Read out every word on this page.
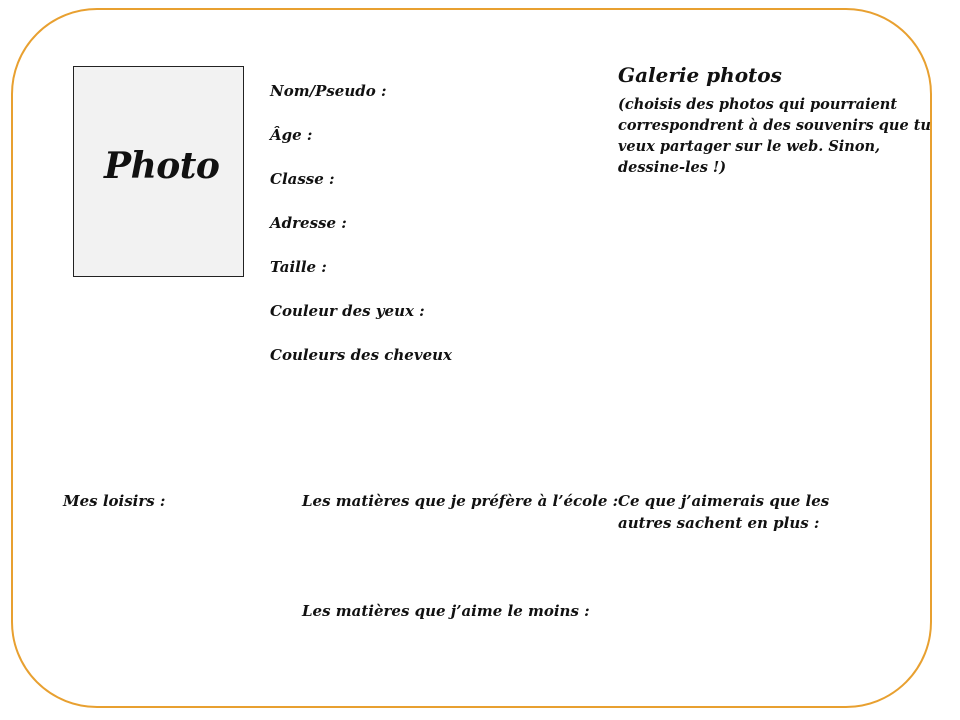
Photo
Nom/Pseudo :
Âge :
Classe :
Adresse :
Taille :
Couleur des yeux :
Couleurs des cheveux
Galerie photos
(choisis des photos qui pourraient correspondrent à des souvenirs que tu veux partager sur le web. Sinon, dessine-les !)
Mes loisirs :	Les matières que je préfère à l’école :
Les matières que j’aime le moins :
Ce que j’aimerais que les autres sachent en plus :
